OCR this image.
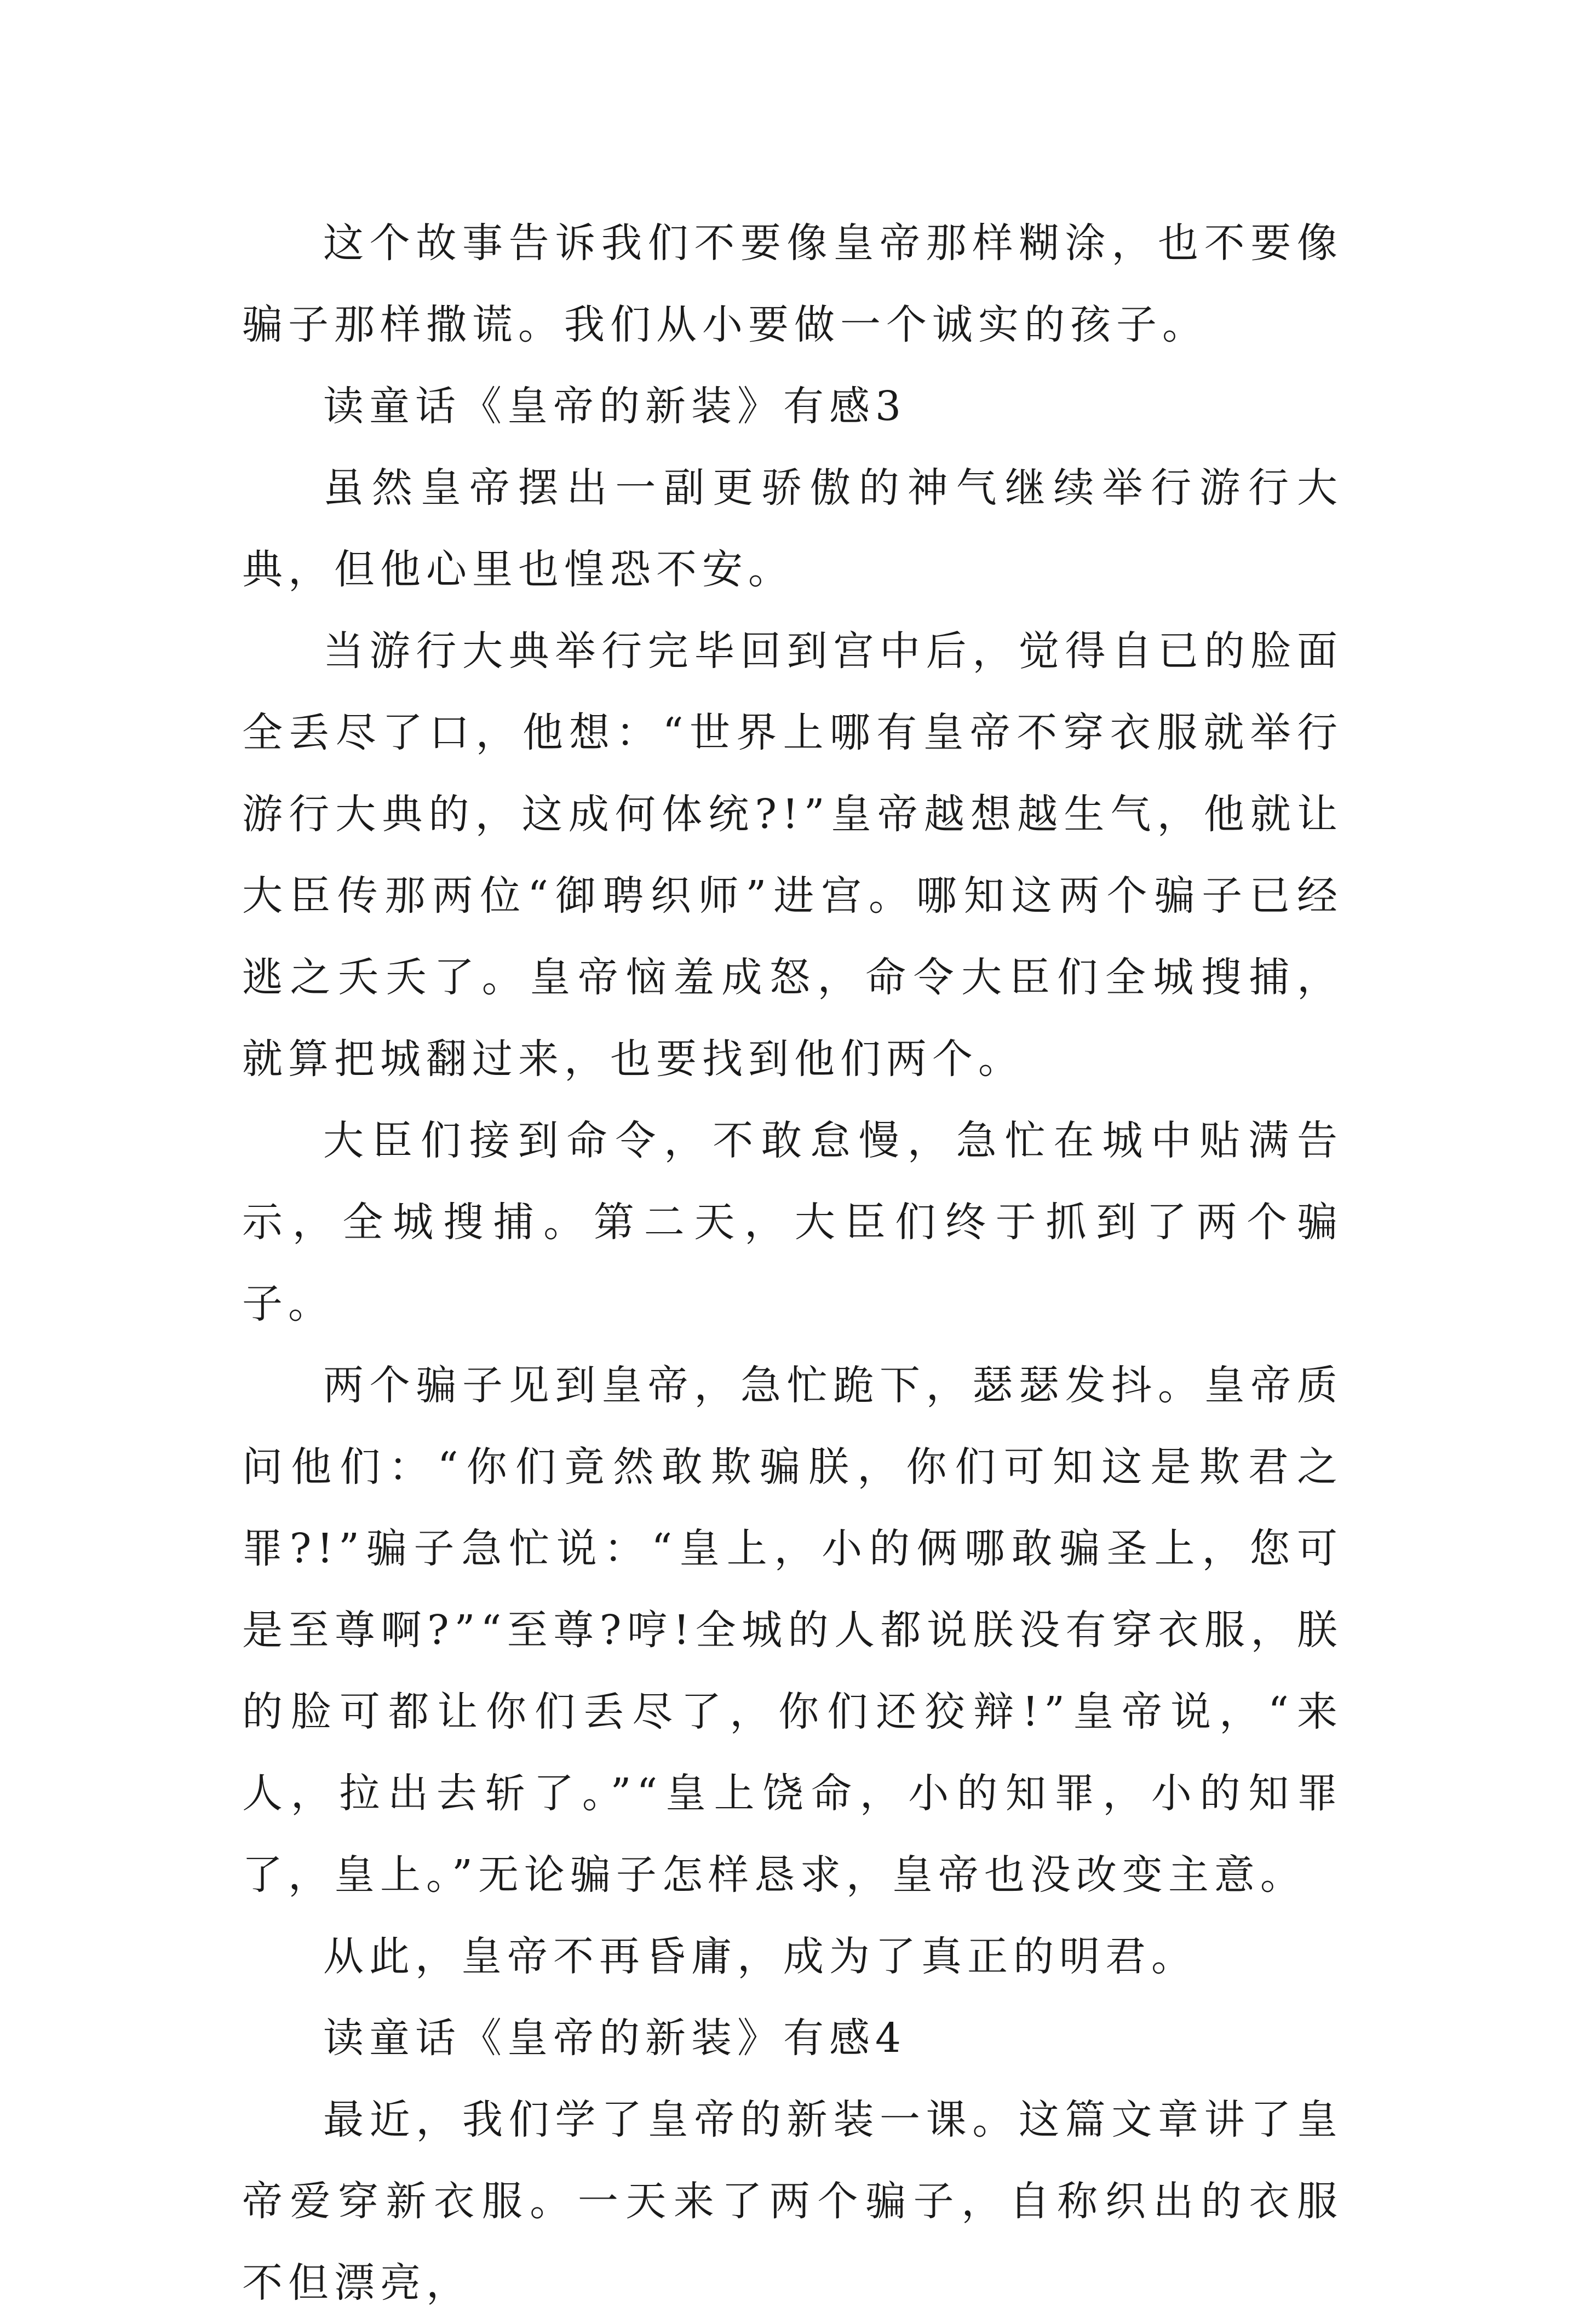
这个故事告诉我们不要像皇帝那样糊涂，也不要像骗子那样撒谎。我们从小要做一个诚实的孩子。

读童话《皇帝的新装》有感3

虽然皇帝摆出一副更骄傲的神气继续举行游行大典，但他心里也惶恐不安。

当游行大典举行完毕回到宫中后，觉得自已的脸面全丢尽了口，他想：“世界上哪有皇帝不穿衣服就举行游行大典的，这成何体统?!”皇帝越想越生气，他就让大臣传那两位“御聘织师”进宫。哪知这两个骗子已经逃之夭夭了。皇帝恼羞成怒，命令大臣们全城搜捕，就算把城翻过来，也要找到他们两个。

大臣们接到命令，不敢怠慢，急忙在城中贴满告示，全城搜捕。第二天，大臣们终于抓到了两个骗子。

两个骗子见到皇帝，急忙跪下，瑟瑟发抖。皇帝质问他们：“你们竟然敢欺骗朕，你们可知这是欺君之罪?!”骗子急忙说：“皇上，小的俩哪敢骗圣上，您可是至尊啊?”“至尊?哼!全城的人都说朕没有穿衣服，朕的脸可都让你们丢尽了，你们还狡辩!”皇帝说，“来人，拉出去斩了。”“皇上饶命，小的知罪，小的知罪了，皇上。”无论骗子怎样恳求，皇帝也没改变主意。

从此，皇帝不再昏庸，成为了真正的明君。

读童话《皇帝的新装》有感4

最近，我们学了皇帝的新装一课。这篇文章讲了皇帝爱穿新衣服。一天来了两个骗子，自称织出的衣服不但漂亮，
